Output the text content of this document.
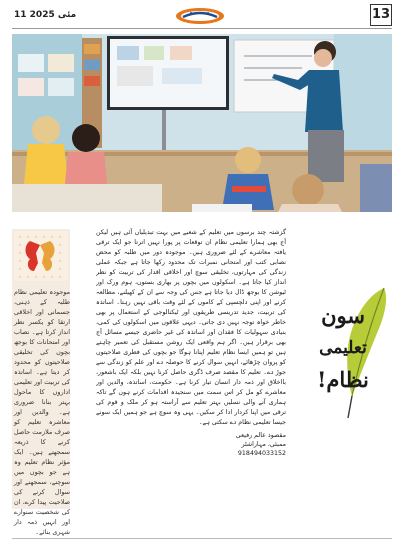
11 مئی 2025	13
موجودہ تعلیمی نظام طلبہ کے ذہنی، جسمانی اور اخلاقی ارتقا کو یکسر نظر انداز کرتا ہے۔ نصاب اور امتحانات کا بوجھ بچوں کی تخلیقی صلاحیتوں کو محدود کر دیتا ہے۔ اساتذہ کی تربیت اور تعلیمی اداروں کا ماحول بہتر بنانا ضروری ہے۔ والدین اور معاشرہ تعلیم کو صرف ملازمت حاصل کرنے کا ذریعہ سمجھتے ہیں۔ ایک مؤثر نظام تعلیم وہ ہے جو بچوں میں سوچنے، سمجھنے اور سوال کرنے کی صلاحیت پیدا کرے، ان کی شخصیت سنوارے اور انہیں ذمہ دار شہری بنائے۔

گزشتہ چند برسوں میں تعلیم کے شعبے میں بہت تبدیلیاں آئی ہیں لیکن آج بھی ہمارا تعلیمی نظام ان توقعات پر پورا نہیں اترتا جو ایک ترقی یافتہ معاشرے کے لئے ضروری ہیں۔ موجودہ دور میں طلبہ کو محض نصابی کتب اور امتحانی نمبرات تک محدود رکھا جاتا ہے جبکہ عملی زندگی کی مہارتوں، تخلیقی سوچ اور اخلاقی اقدار کی تربیت کو نظر انداز کیا جاتا ہے۔ اسکولوں میں بچوں پر بھاری بستوں، ہوم ورک اور ٹیوشن کا بوجھ ڈال دیا جاتا ہے جس کی وجہ سے ان کے کھیلنے، مطالعہ کرنے اور اپنی دلچسپی کے کاموں کے لئے وقت باقی نہیں رہتا۔ اساتذہ کی تربیت، جدید تدریسی طریقوں اور ٹیکنالوجی کے استعمال پر بھی خاطر خواہ توجہ نہیں دی جاتی۔ دیہی علاقوں میں اسکولوں کی کمی، بنیادی سہولیات کا فقدان اور اساتذہ کی غیر حاضری جیسے مسائل آج بھی برقرار ہیں۔ اگر ہم واقعی ایک روشن مستقبل کی تعمیر چاہتے ہیں تو ہمیں ایسا نظام تعلیم اپنانا ہوگا جو بچوں کی فطری صلاحیتوں کو پروان چڑھائے، انہیں سوال کرنے کا حوصلہ دے اور علم کو زندگی سے جوڑ دے۔ تعلیم کا مقصد صرف ڈگری حاصل کرنا نہیں بلکہ ایک باشعور، بااخلاق اور ذمہ دار انسان تیار کرنا ہے۔ حکومت، اساتذہ، والدین اور معاشرے کو مل کر اس سمت میں سنجیدہ اقدامات کرنے ہوں گے تاکہ ہماری آنے والی نسلیں بہتر تعلیم سے آراستہ ہو کر ملک و قوم کی ترقی میں اپنا کردار ادا کر سکیں۔ یہی وہ سوچ ہے جو ہمیں ایک سونے جیسا تعلیمی نظام دے سکتی ہے۔

مقصود عالم رفیعی
ممبئی، مہاراشٹر
918494033152
سون
تعلیمی
نظام!
